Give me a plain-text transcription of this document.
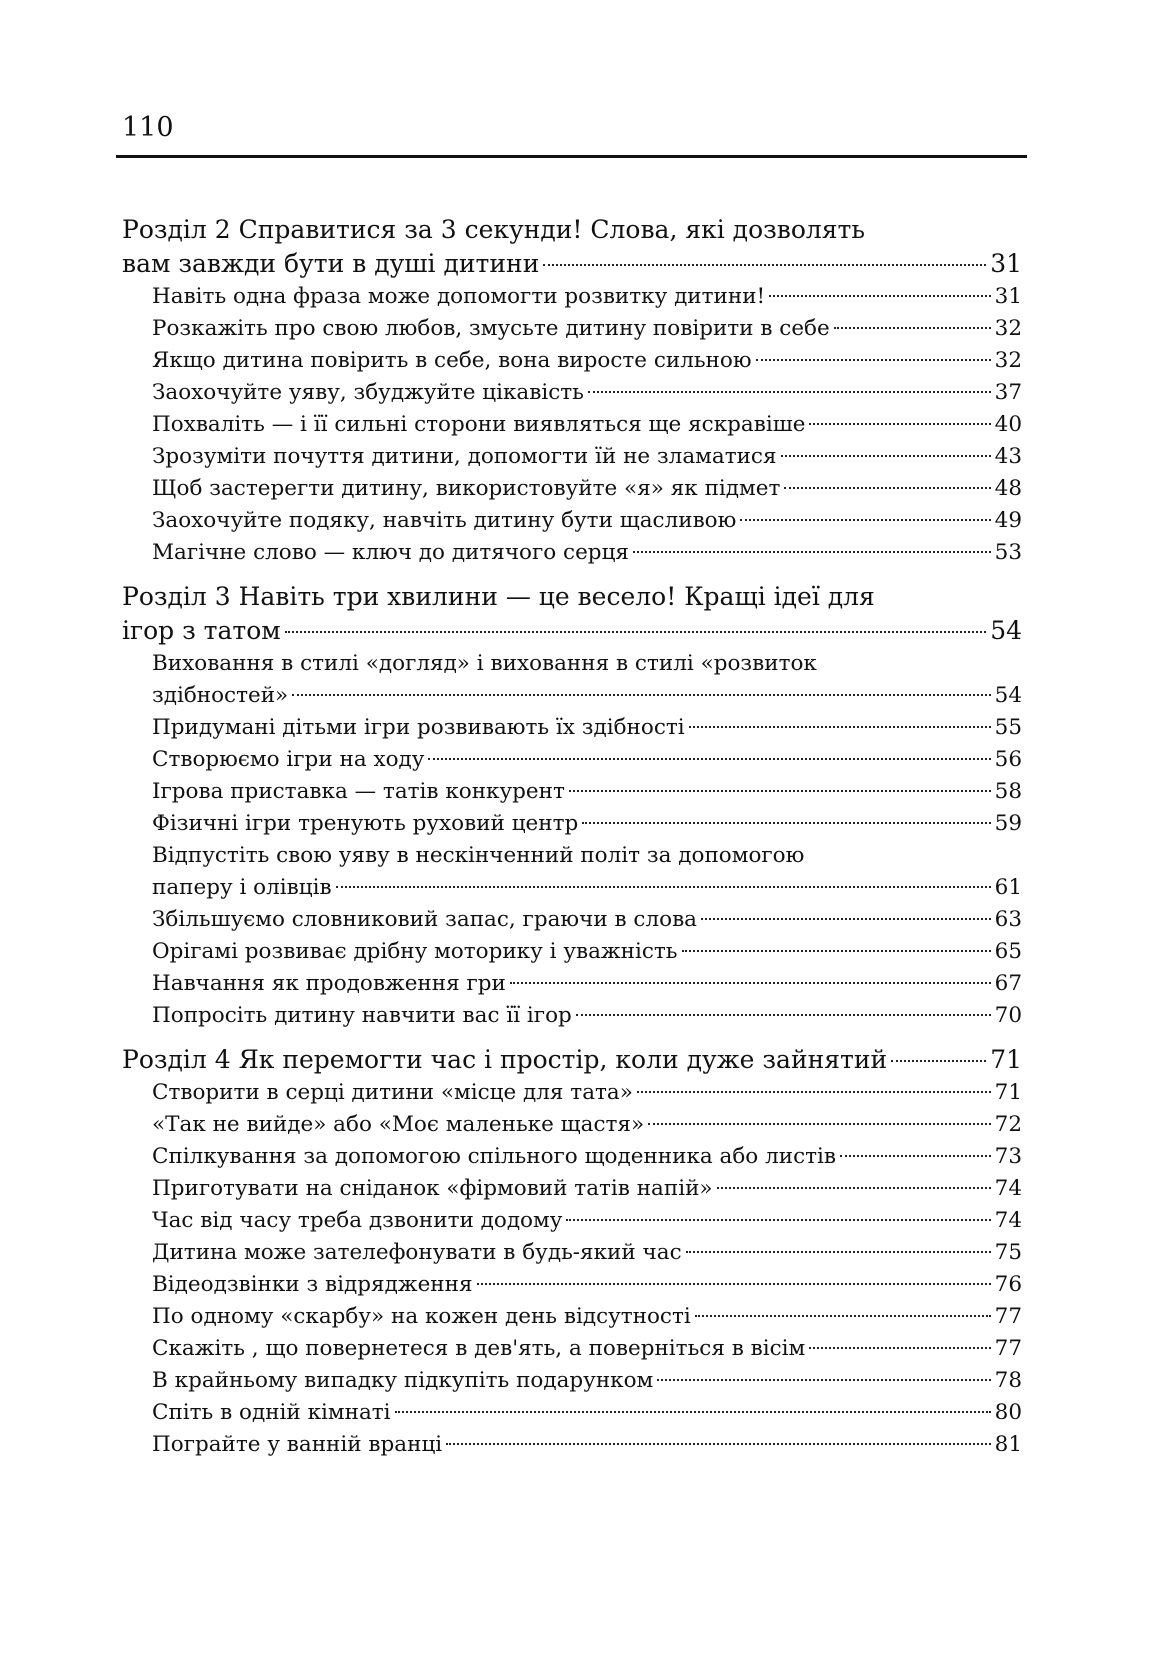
110
Розділ 2 Справитися за 3 секунди! Слова, які дозволять
вам завжди бути в душі дитини	31
Навіть одна фраза може допомогти розвитку дитини!	31
Розкажіть про свою любов, змусьте дитину повірити в себе	32
Якщо дитина повірить в себе, вона виросте сильною	32
Заохочуйте уяву, збуджуйте цікавість	37
Похваліть — і її сильні сторони виявляться ще яскравіше	40
Зрозуміти почуття дитини, допомогти їй не зламатися	43
Щоб застерегти дитину, використовуйте «я» як підмет	48
Заохочуйте подяку, навчіть дитину бути щасливою	49
Магічне слово — ключ до дитячого серця	53
Розділ 3 Навіть три хвилини — це весело! Кращі ідеї для
ігор з татом	54
Виховання в стилі «догляд» і виховання в стилі «розвиток
здібностей»	54
Придумані дітьми ігри розвивають їх здібності	55
Створюємо ігри на ходу	56
Ігрова приставка — татів конкурент	58
Фізичні ігри тренують руховий центр	59
Відпустіть свою уяву в нескінченний політ за допомогою
паперу і олівців	61
Збільшуємо словниковий запас, граючи в слова	63
Орігамі розвиває дрібну моторику і уважність	65
Навчання як продовження гри	67
Попросіть дитину навчити вас її ігор	70
Розділ 4 Як перемогти час і простір, коли дуже зайнятий	71
Створити в серці дитини «місце для тата»	71
«Так не вийде» або «Моє маленьке щастя»	72
Спілкування за допомогою спільного щоденника або листів	73
Приготувати на сніданок «фірмовий татів напій»	74
Час від часу треба дзвонити додому	74
Дитина може зателефонувати в будь-який час	75
Відеодзвінки з відрядження	76
По одному «скарбу» на кожен день відсутності	77
Скажіть , що повернетеся в дев'ять, а поверніться в вісім	77
В крайньому випадку підкупіть подарунком	78
Спіть в одній кімнаті	80
Пограйте у ванній вранці	81
